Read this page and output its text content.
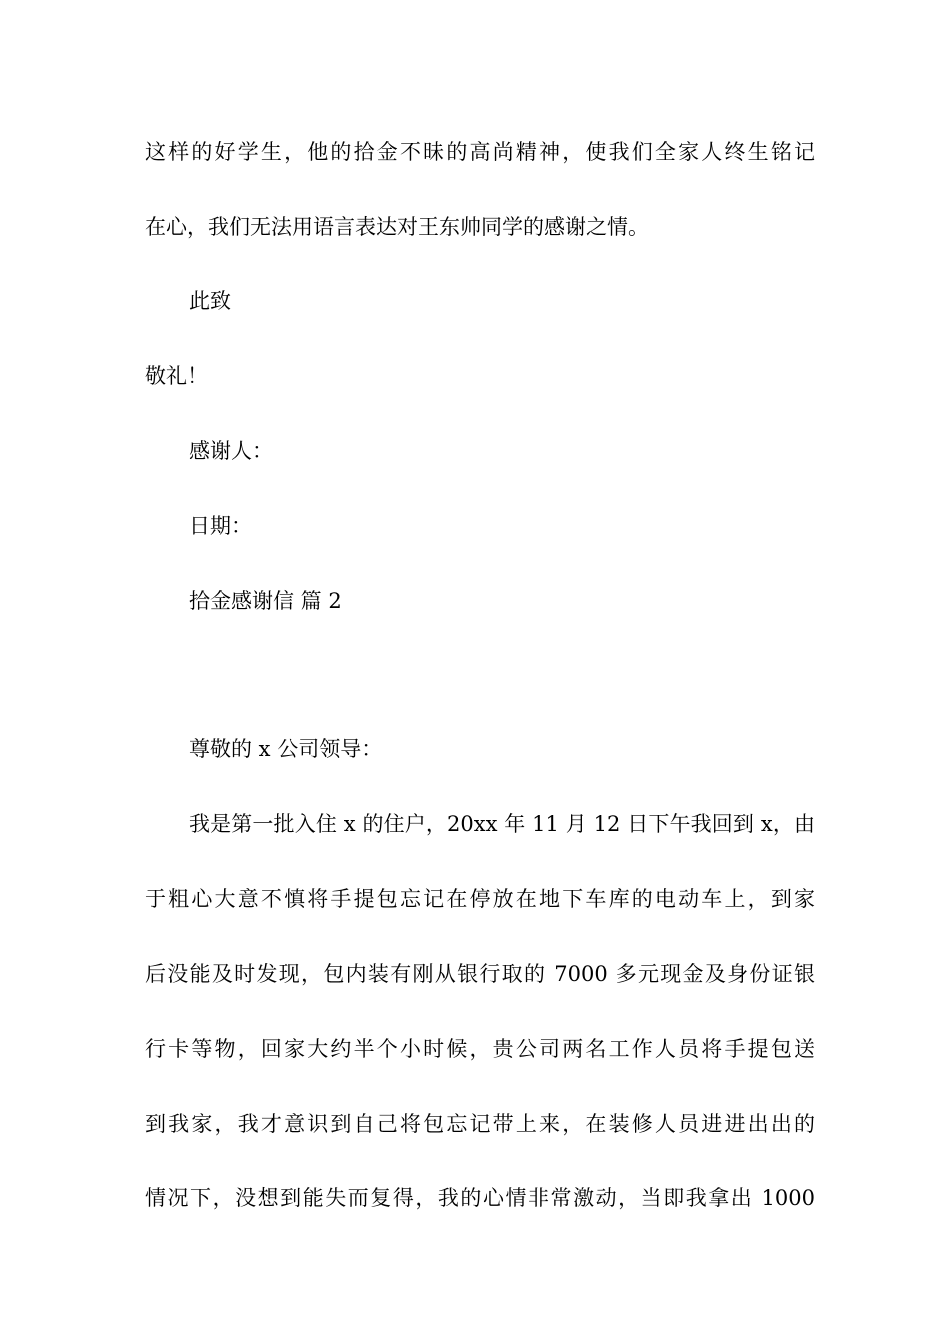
这样的好学生，他的拾金不昧的高尚精神，使我们全家人终生铭记
在心，我们无法用语言表达对王东帅同学的感谢之情。
此致
敬礼！
感谢人：
日期：
拾金感谢信 篇 2
尊敬的 x 公司领导：
我是第一批入住 x 的住户，20xx 年 11 月 12 日下午我回到 x，由
于粗心大意不慎将手提包忘记在停放在地下车库的电动车上，到家
后没能及时发现，包内装有刚从银行取的 7000 多元现金及身份证银
行卡等物，回家大约半个小时候，贵公司两名工作人员将手提包送
到我家，我才意识到自己将包忘记带上来，在装修人员进进出出的
情况下，没想到能失而复得，我的心情非常激动，当即我拿出 1000
